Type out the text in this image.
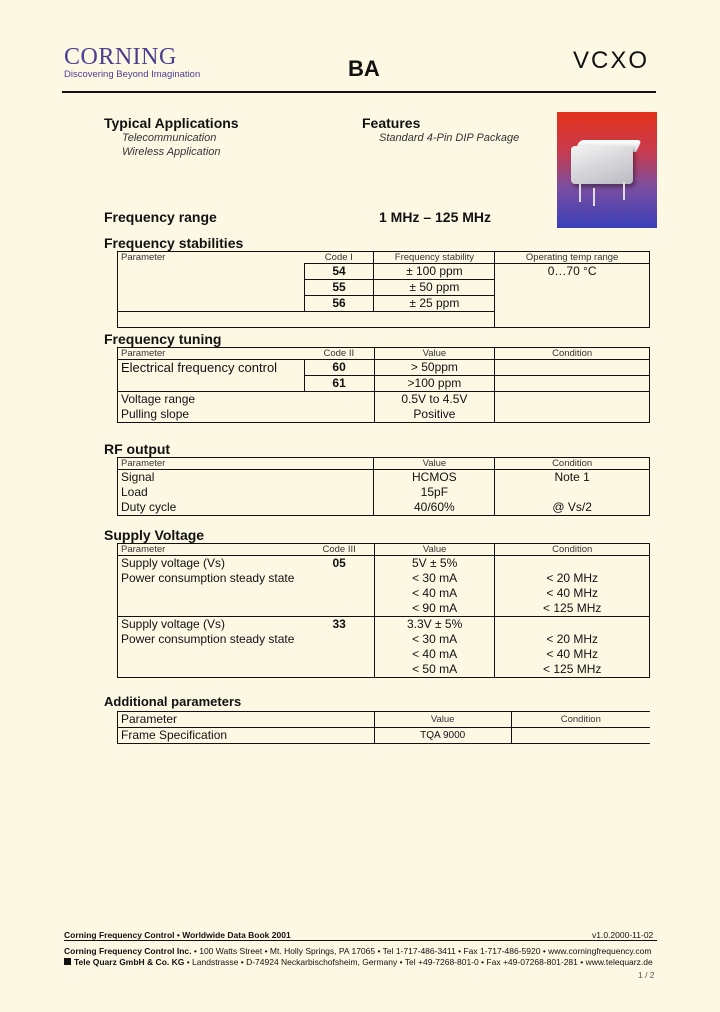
CORNING
Discovering Beyond Imagination	BA	VCXO
Typical Applications
Telecommunication
Wireless Application
Features
Standard 4-Pin DIP Package
Frequency range	1 MHz – 125 MHz
Frequency stabilities
Parameter	Code I	Frequency stability	Operating temp range
	54	± 100 ppm	0…70 °C
	55	± 50 ppm	
	56	± 25 ppm	

Frequency tuning
Parameter	Code II	Value	Condition
Electrical frequency control	60	> 50ppm	
	61	>100 ppm	
Voltage range		0.5V to 4.5V	
Pulling slope		Positive	
RF output
Parameter	Value	Condition
Signal	HCMOS	Note 1
Load	15pF	
Duty cycle	40/60%	@ Vs/2
Supply Voltage
Parameter	Code III	Value	Condition
Supply voltage (Vs)	05	5V ± 5%	
Power consumption steady state		< 30 mA	< 20 MHz
		< 40 mA	< 40 MHz
		< 90 mA	< 125 MHz
Supply voltage (Vs)	33	3.3V ± 5%	
Power consumption steady state		< 30 mA	< 20 MHz
		< 40 mA	< 40 MHz
		< 50 mA	< 125 MHz
Additional parameters
Parameter	Value	Condition
Frame Specification	TQA 9000	
Corning Frequency Control • Worldwide Data Book 2001	v1.0.2000-11-02
Corning Frequency Control Inc. • 100 Watts Street • Mt. Holly Springs, PA 17065 • Tel 1-717-486-3411 • Fax 1-717-486-5920 • www.corningfrequency.com
Tele Quarz GmbH & Co. KG • Landstrasse • D-74924 Neckarbischofsheim, Germany • Tel +49-7268-801-0 • Fax +49-07268-801-281 • www.telequarz.de
1 / 2
